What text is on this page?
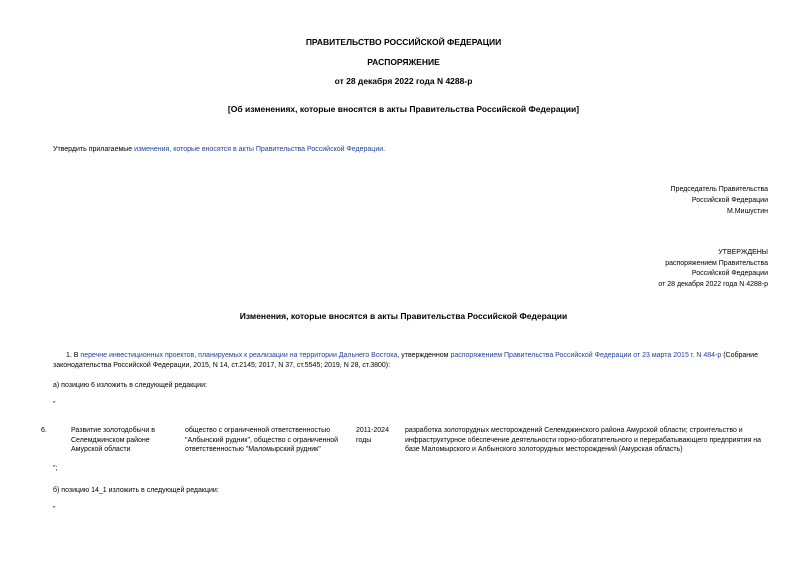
ПРАВИТЕЛЬСТВО РОССИЙСКОЙ ФЕДЕРАЦИИ
РАСПОРЯЖЕНИЕ
от 28 декабря 2022 года N 4288-р
[Об изменениях, которые вносятся в акты Правительства Российской Федерации]
Утвердить прилагаемые изменения, которые вносятся в акты Правительства Российской Федерации.
Председатель Правительства
Российской Федерации
М.Мишустин
УТВЕРЖДЕНЫ
распоряжением Правительства
Российской Федерации
от 28 декабря 2022 года N 4288-р
Изменения, которые вносятся в акты Правительства Российской Федерации
1. В перечне инвестиционных проектов, планируемых к реализации на территории Дальнего Востока, утвержденном распоряжением Правительства Российской Федерации от 23 марта 2015 г. N 484-р (Собрание
законодательства Российской Федерации, 2015, N 14, ст.2145; 2017, N 37, ст.5545; 2019, N 28, ст.3800):
а) позицию 6 изложить в следующей редакции:
"
6.	Развитие золотодобычи в Селемджинском районе Амурской области
общество с ограниченной ответственностью "Албынский рудник", общество с ограниченной ответственностью "Маломырский рудник"
2011-2024 годы
разработка золоторудных месторождений Селемджинского района Амурской области; строительство и инфраструктурное обеспечение деятельности горно-обогатительного и перерабатывающего предприятия на базе Маломырского и Албынского золоторудных месторождений (Амурская область)
";
б) позицию 14_1 изложить в следующей редакции:
"
